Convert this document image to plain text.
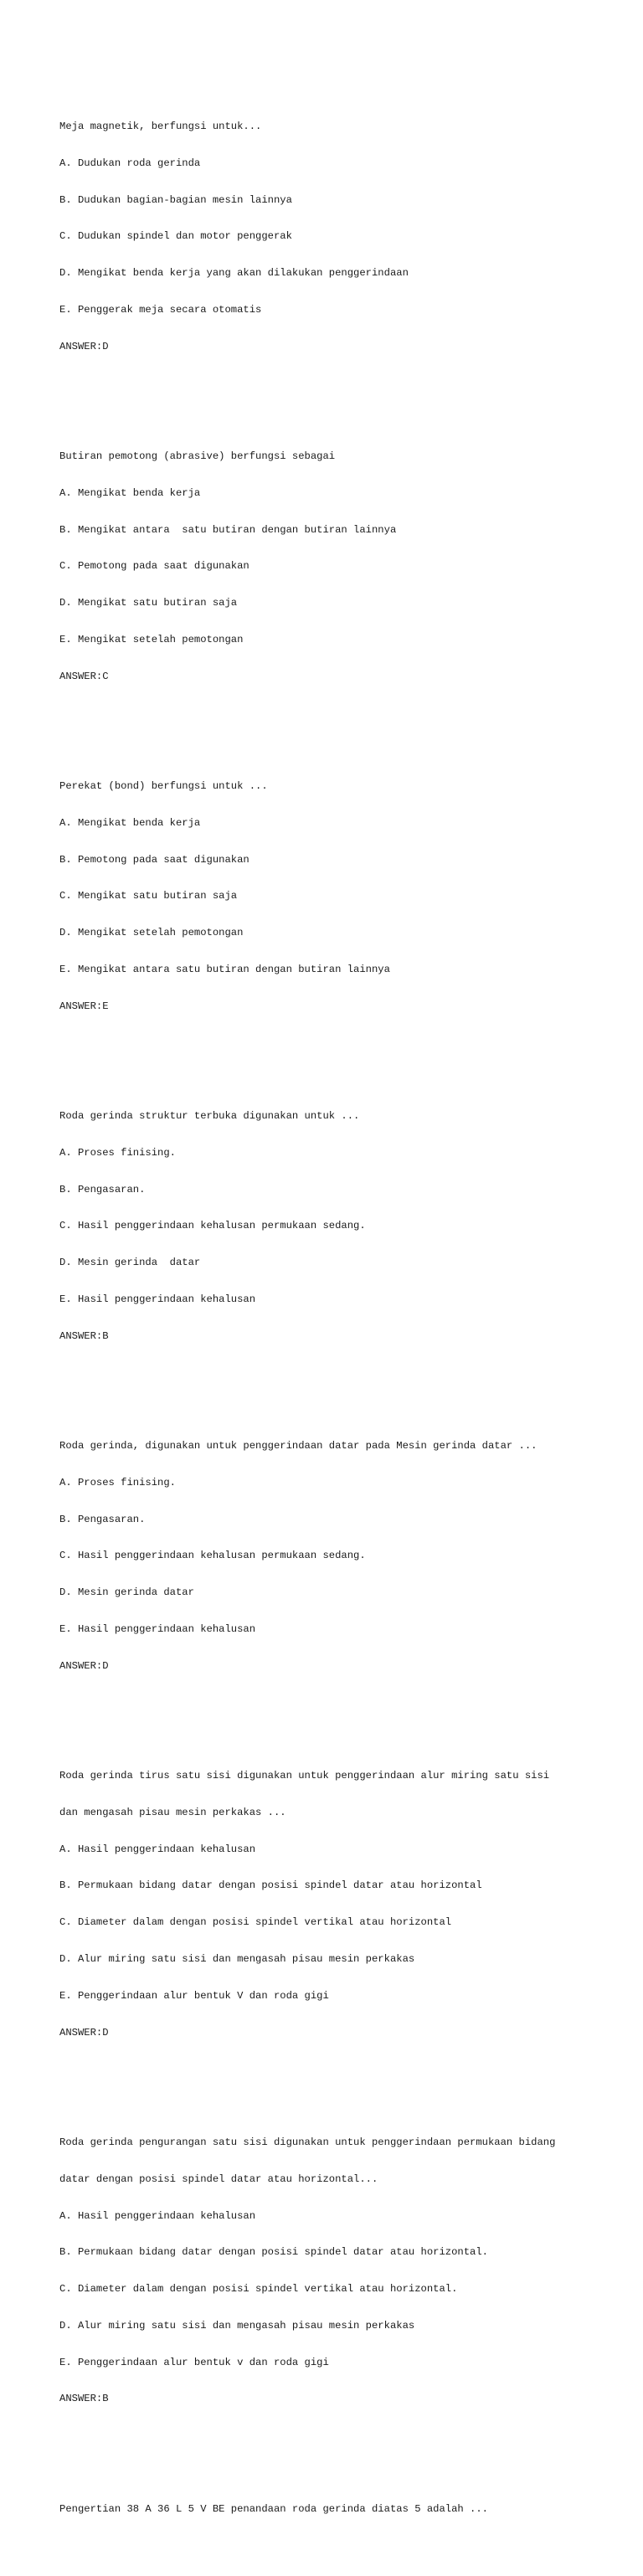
Meja magnetik, berfungsi untuk...

A. Dudukan roda gerinda

B. Dudukan bagian-bagian mesin lainnya

C. Dudukan spindel dan motor penggerak

D. Mengikat benda kerja yang akan dilakukan penggerindaan

E. Penggerak meja secara otomatis

ANSWER:D

Butiran pemotong (abrasive) berfungsi sebagai

A. Mengikat benda kerja

B. Mengikat antara  satu butiran dengan butiran lainnya

C. Pemotong pada saat digunakan

D. Mengikat satu butiran saja

E. Mengikat setelah pemotongan

ANSWER:C

Perekat (bond) berfungsi untuk ...

A. Mengikat benda kerja

B. Pemotong pada saat digunakan

C. Mengikat satu butiran saja

D. Mengikat setelah pemotongan

E. Mengikat antara satu butiran dengan butiran lainnya

ANSWER:E

Roda gerinda struktur terbuka digunakan untuk ...

A. Proses finising.

B. Pengasaran.

C. Hasil penggerindaan kehalusan permukaan sedang.

D. Mesin gerinda  datar

E. Hasil penggerindaan kehalusan

ANSWER:B

Roda gerinda, digunakan untuk penggerindaan datar pada Mesin gerinda datar ...

A. Proses finising.

B. Pengasaran.

C. Hasil penggerindaan kehalusan permukaan sedang.

D. Mesin gerinda datar

E. Hasil penggerindaan kehalusan

ANSWER:D

Roda gerinda tirus satu sisi digunakan untuk penggerindaan alur miring satu sisi

dan mengasah pisau mesin perkakas ...

A. Hasil penggerindaan kehalusan

B. Permukaan bidang datar dengan posisi spindel datar atau horizontal

C. Diameter dalam dengan posisi spindel vertikal atau horizontal

D. Alur miring satu sisi dan mengasah pisau mesin perkakas

E. Penggerindaan alur bentuk V dan roda gigi

ANSWER:D

Roda gerinda pengurangan satu sisi digunakan untuk penggerindaan permukaan bidang

datar dengan posisi spindel datar atau horizontal...

A. Hasil penggerindaan kehalusan

B. Permukaan bidang datar dengan posisi spindel datar atau horizontal.

C. Diameter dalam dengan posisi spindel vertikal atau horizontal.

D. Alur miring satu sisi dan mengasah pisau mesin perkakas

E. Penggerindaan alur bentuk v dan roda gigi

ANSWER:B

Pengertian 38 A 36 L 5 V BE penandaan roda gerinda diatas 5 adalah ...
